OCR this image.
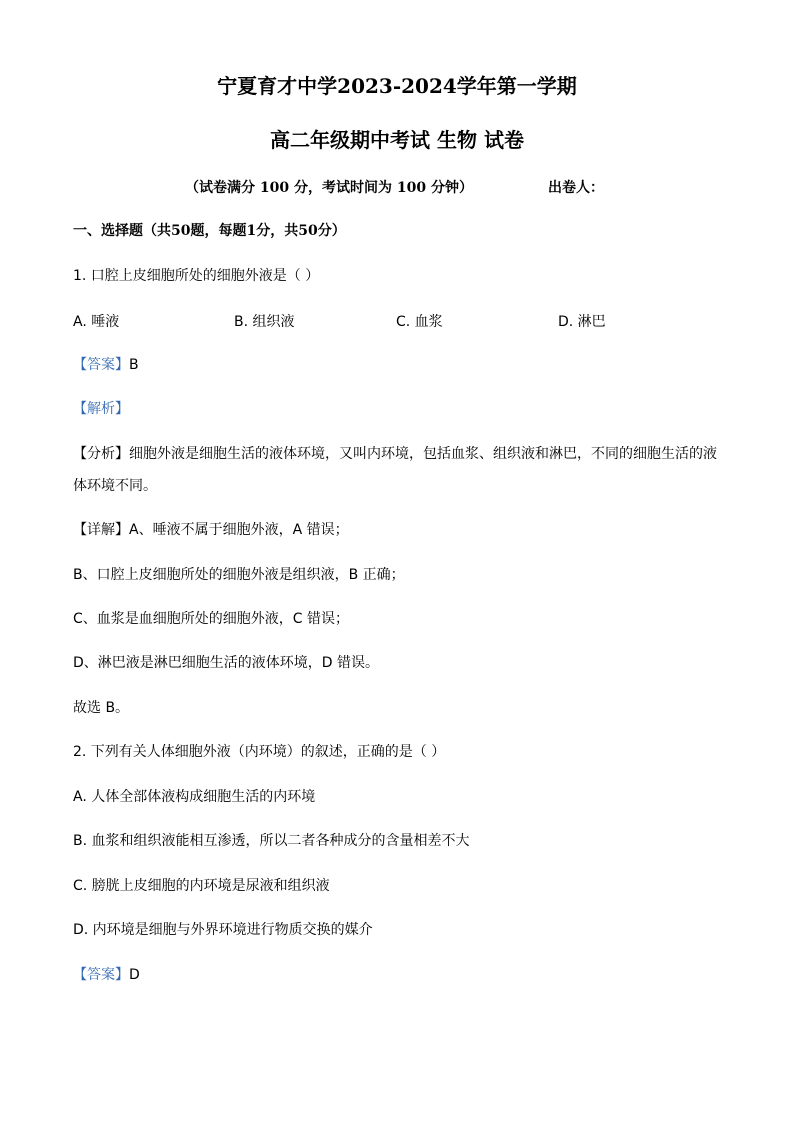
宁夏育才中学2023-2024学年第一学期
高二年级期中考试 生物 试卷
（试卷满分 100 分，考试时间为 100 分钟）	出卷人：
一、选择题（共50题，每题1分，共50分）
1. 口腔上皮细胞所处的细胞外液是（ ）
A. 唾液	B. 组织液	C. 血浆	D. 淋巴
【答案】B
【解析】
【分析】细胞外液是细胞生活的液体环境，又叫内环境，包括血浆、组织液和淋巴，不同的细胞生活的液
体环境不同。
【详解】A、唾液不属于细胞外液，A 错误；
B、口腔上皮细胞所处的细胞外液是组织液，B 正确；
C、血浆是血细胞所处的细胞外液，C 错误；
D、淋巴液是淋巴细胞生活的液体环境，D 错误。
故选 B。
2. 下列有关人体细胞外液（内环境）的叙述，正确的是（ ）
A. 人体全部体液构成细胞生活的内环境
B. 血浆和组织液能相互渗透，所以二者各种成分的含量相差不大
C. 膀胱上皮细胞的内环境是尿液和组织液
D. 内环境是细胞与外界环境进行物质交换的媒介
【答案】D
